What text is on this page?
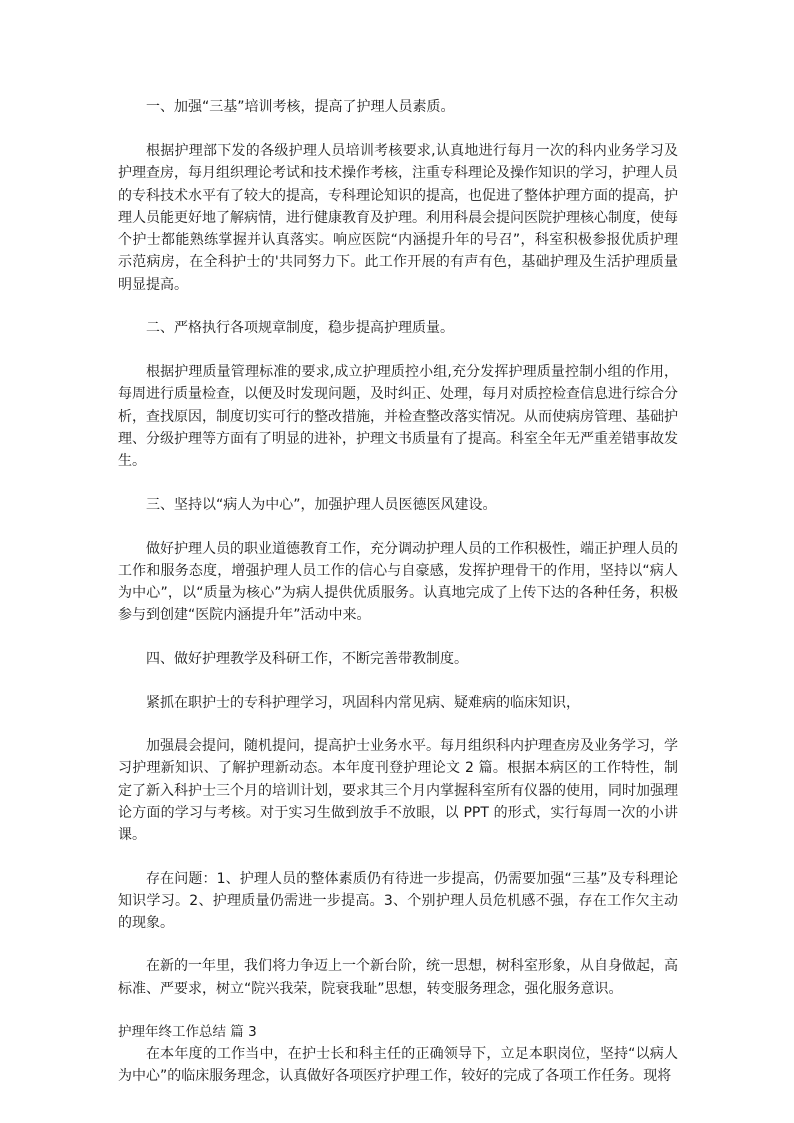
一、加强“三基”培训考核，提高了护理人员素质。

根据护理部下发的各级护理人员培训考核要求,认真地进行每月一次的科内业务学习及护理查房，每月组织理论考试和技术操作考核，注重专科理论及操作知识的学习，护理人员的专科技术水平有了较大的提高，专科理论知识的提高，也促进了整体护理方面的提高，护理人员能更好地了解病情，进行健康教育及护理。利用科晨会提问医院护理核心制度，使每个护士都能熟练掌握并认真落实。响应医院“内涵提升年的号召”，科室积极参报优质护理示范病房，在全科护士的'共同努力下。此工作开展的有声有色，基础护理及生活护理质量明显提高。

二、严格执行各项规章制度，稳步提高护理质量。

根据护理质量管理标准的要求,成立护理质控小组,充分发挥护理质量控制小组的作用，每周进行质量检查，以便及时发现问题，及时纠正、处理，每月对质控检查信息进行综合分析，查找原因，制度切实可行的整改措施，并检查整改落实情况。从而使病房管理、基础护理、分级护理等方面有了明显的进补，护理文书质量有了提高。科室全年无严重差错事故发生。

三、坚持以“病人为中心”，加强护理人员医德医风建设。

做好护理人员的职业道德教育工作，充分调动护理人员的工作积极性，端正护理人员的工作和服务态度，增强护理人员工作的信心与自豪感，发挥护理骨干的作用，坚持以“病人为中心”，以“质量为核心”为病人提供优质服务。认真地完成了上传下达的各种任务，积极参与到创建“医院内涵提升年”活动中来。

四、做好护理教学及科研工作，不断完善带教制度。

紧抓在职护士的专科护理学习，巩固科内常见病、疑难病的临床知识，

加强晨会提问，随机提问，提高护士业务水平。每月组织科内护理查房及业务学习，学习护理新知识、了解护理新动态。本年度刊登护理论文 2 篇。根据本病区的工作特性，制定了新入科护士三个月的培训计划，要求其三个月内掌握科室所有仪器的使用，同时加强理论方面的学习与考核。对于实习生做到放手不放眼，以 PPT 的形式，实行每周一次的小讲课。

存在问题：1、护理人员的整体素质仍有待进一步提高，仍需要加强“三基”及专科理论知识学习。2、护理质量仍需进一步提高。3、个别护理人员危机感不强，存在工作欠主动的现象。

在新的一年里，我们将力争迈上一个新台阶，统一思想，树科室形象，从自身做起，高标准、严要求，树立“院兴我荣，院衰我耻”思想，转变服务理念，强化服务意识。

护理年终工作总结 篇 3

在本年度的工作当中，在护士长和科主任的正确领导下，立足本职岗位，坚持“以病人为中心”的临床服务理念，认真做好各项医疗护理工作，较好的完成了各项工作任务。现将
